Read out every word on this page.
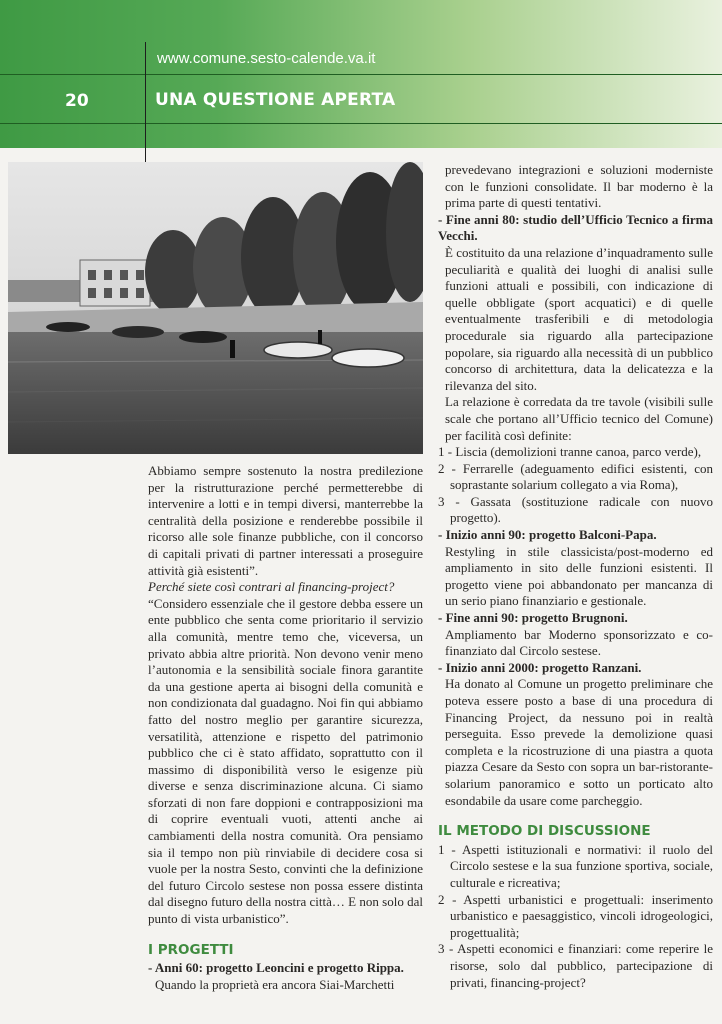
www.comune.sesto-calende.va.it
20	UNA QUESTIONE APERTA

Abbiamo sempre sostenuto la nostra predilezione per la ristrutturazione perché permetterebbe di intervenire a lotti e in tempi diversi, manterrebbe la centralità della posizione e renderebbe possibile il ricorso alle sole finanze pubbliche, con il concorso di capitali privati di partner interessati a proseguire attività già esistenti”.

Perché siete così contrari al financing-project?

“Considero essenziale che il gestore debba essere un ente pubblico che senta come prioritario il servizio alla comunità, mentre temo che, viceversa, un privato abbia altre priorità. Non devono venir meno l’autonomia e la sensibilità sociale finora garantite da una gestione aperta ai bisogni della comunità e non condizionata dal guadagno. Noi fin qui abbiamo fatto del nostro meglio per garantire sicurezza, versatilità, attenzione e rispetto del patrimonio pubblico che ci è stato affidato, soprattutto con il massimo di disponibilità verso le esigenze più diverse e senza discriminazione alcuna. Ci siamo sforzati di non fare doppioni e contrapposizioni ma di coprire eventuali vuoti, attenti anche ai cambiamenti della nostra comunità. Ora pensiamo sia il tempo non più rinviabile di decidere cosa si vuole per la nostra Sesto, convinti che la definizione del futuro Circolo sestese non possa essere distinta dal disegno futuro della nostra città… E non solo dal punto di vista urbanistico”.

I PROGETTI

- Anni 60: progetto Leoncini e progetto Rippa.

Quando la proprietà era ancora Siai-Marchetti

prevedevano integrazioni e soluzioni moderniste con le funzioni consolidate. Il bar moderno è la prima parte di questi tentativi.

- Fine anni 80: studio dell’Ufficio Tecnico a firma Vecchi.

È costituito da una relazione d’inquadramento sulle peculiarità e qualità dei luoghi di analisi sulle funzioni attuali e possibili, con indicazione di quelle obbligate (sport acquatici) e di quelle eventualmente trasferibili e di metodologia procedurale sia riguardo alla partecipazione popolare, sia riguardo alla necessità di un pubblico concorso di architettura, data la delicatezza e la rilevanza del sito.

La relazione è corredata da tre tavole (visibili sulle scale che portano all’Ufficio tecnico del Comune) per facilità così definite:

1 - Liscia (demolizioni tranne canoa, parco verde),

2 - Ferrarelle (adeguamento edifici esistenti, con soprastante solarium collegato a via Roma),

3 - Gassata (sostituzione radicale con nuovo progetto).

- Inizio anni 90: progetto Balconi-Papa.

Restyling in stile classicista/post-moderno ed ampliamento in sito delle funzioni esistenti. Il progetto viene poi abbandonato per mancanza di un serio piano finanziario e gestionale.

- Fine anni 90: progetto Brugnoni.

Ampliamento bar Moderno sponsorizzato e co-finanziato dal Circolo sestese.

- Inizio anni 2000: progetto Ranzani.

Ha donato al Comune un progetto preliminare che poteva essere posto a base di una procedura di Financing Project, da nessuno poi in realtà perseguita. Esso prevede la demolizione quasi completa e la ricostruzione di una piastra a quota piazza Cesare da Sesto con sopra un bar-ristorante-solarium panoramico e sotto un porticato alto esondabile da usare come parcheggio.

IL METODO DI DISCUSSIONE

1 - Aspetti istituzionali e normativi: il ruolo del Circolo sestese e la sua funzione sportiva, sociale, culturale e ricreativa;

2 - Aspetti urbanistici e progettuali: inserimento urbanistico e paesaggistico, vincoli idrogeologici, progettualità;

3 - Aspetti economici e finanziari: come reperire le risorse, solo dal pubblico, partecipazione di privati, financing-project?
